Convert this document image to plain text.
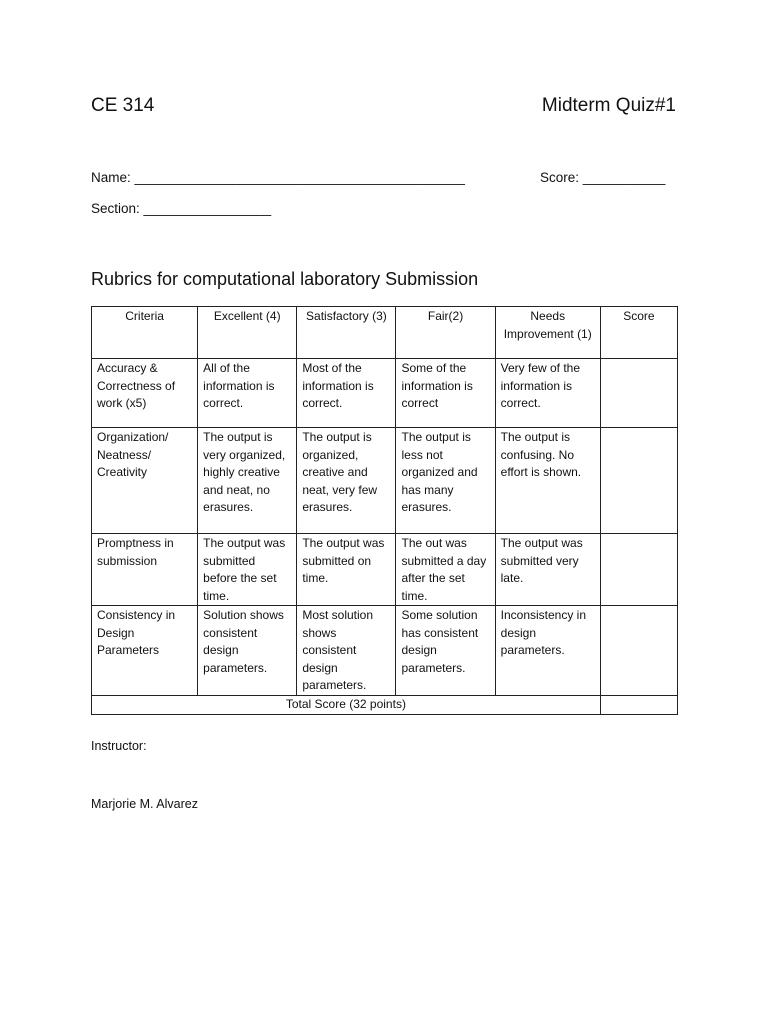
CE 314	Midterm Quiz#1
Name: ____________________________________________	Score: ___________
Section: _________________
Rubrics for computational laboratory Submission
Criteria	Excellent (4)	Satisfactory (3)	Fair(2)	Needs Improvement (1)	Score
Accuracy & Correctness of work (x5)	All of the information is correct.	Most of the information is correct.	Some of the information is correct	Very few of the information is correct.	
Organization/ Neatness/ Creativity	The output is very organized, highly creative and neat, no erasures.	The output is organized, creative and neat, very few erasures.	The output is less not organized and has many erasures.	The output is confusing. No effort is shown.	
Promptness in submission	The output was submitted before the set time.	The output was submitted on time.	The out was submitted a day after the set time.	The output was submitted very late.	
Consistency in Design Parameters	Solution shows consistent design parameters.	Most solution shows consistent design parameters.	Some solution has consistent design parameters.	Inconsistency in design parameters.	
Total Score (32 points)					
Instructor:
Marjorie M. Alvarez
